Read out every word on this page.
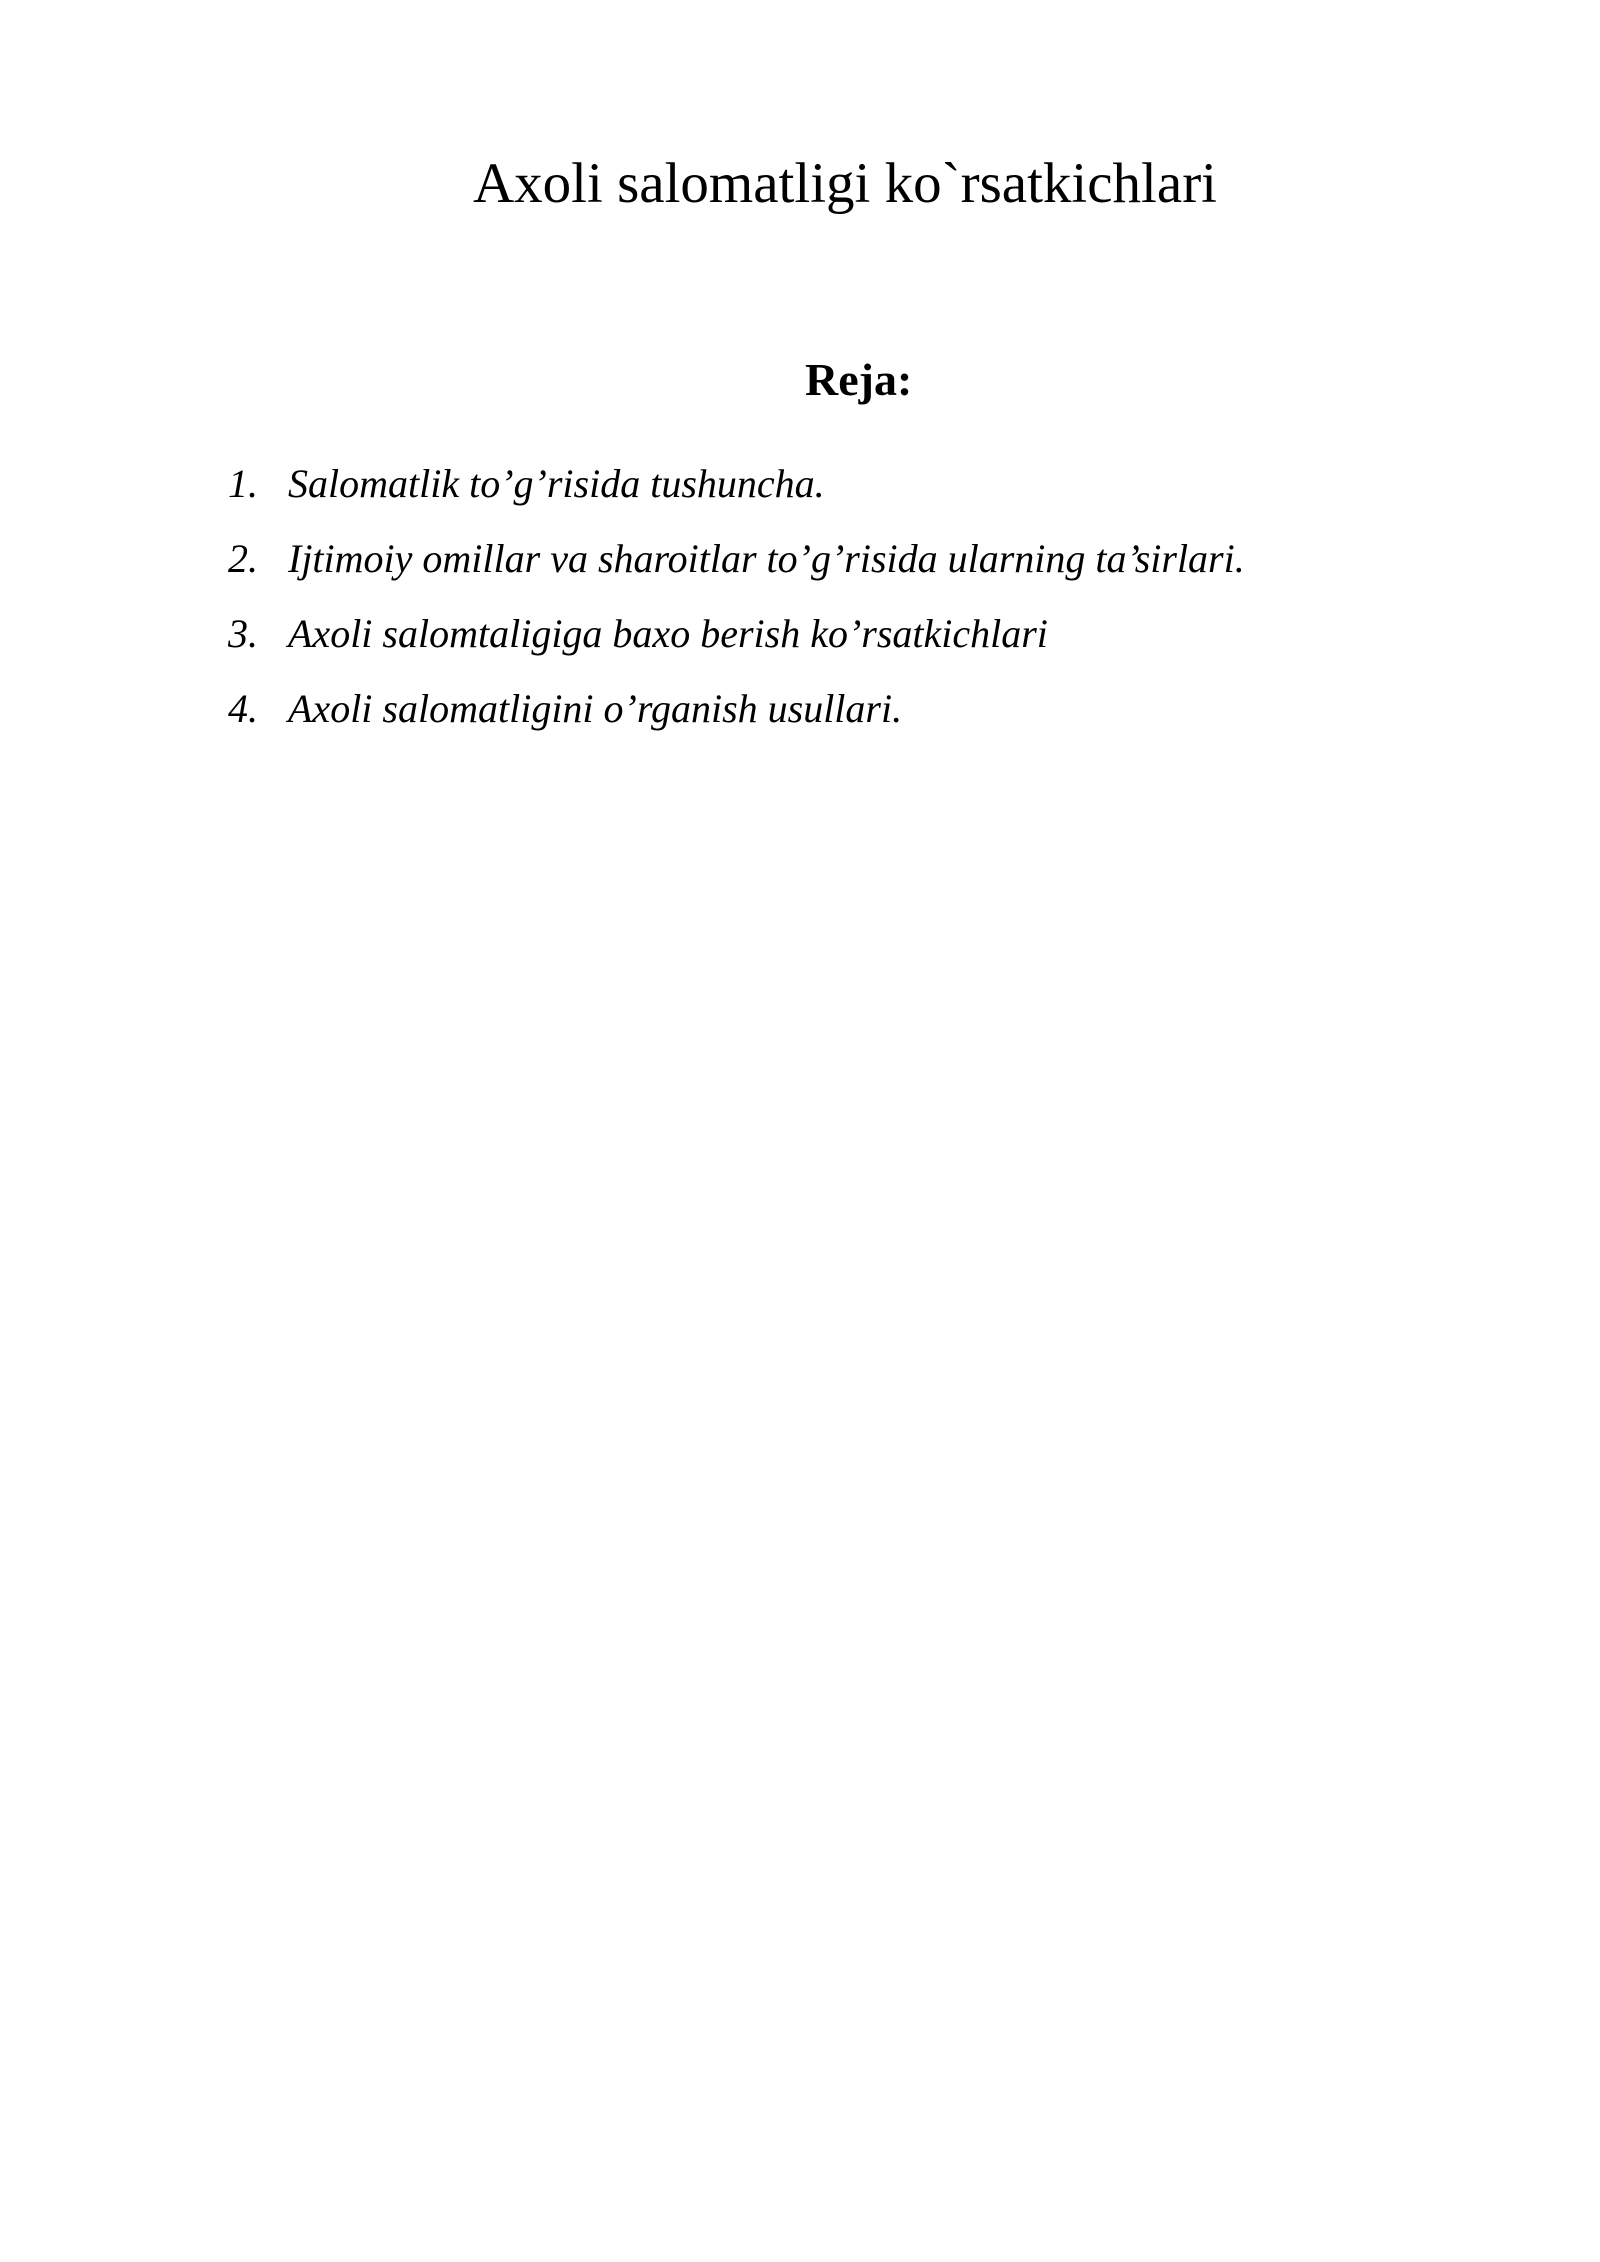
Axoli salomatligi ko`rsatkichlari
Reja:
1. Salomatlik to’g’risida tushuncha.
2. Ijtimoiy omillar va sharoitlar to’g’risida ularning ta’sirlari.
3. Axoli salomtaligiga baxo berish ko’rsatkichlari
4. Axoli salomatligini o’rganish usullari.
